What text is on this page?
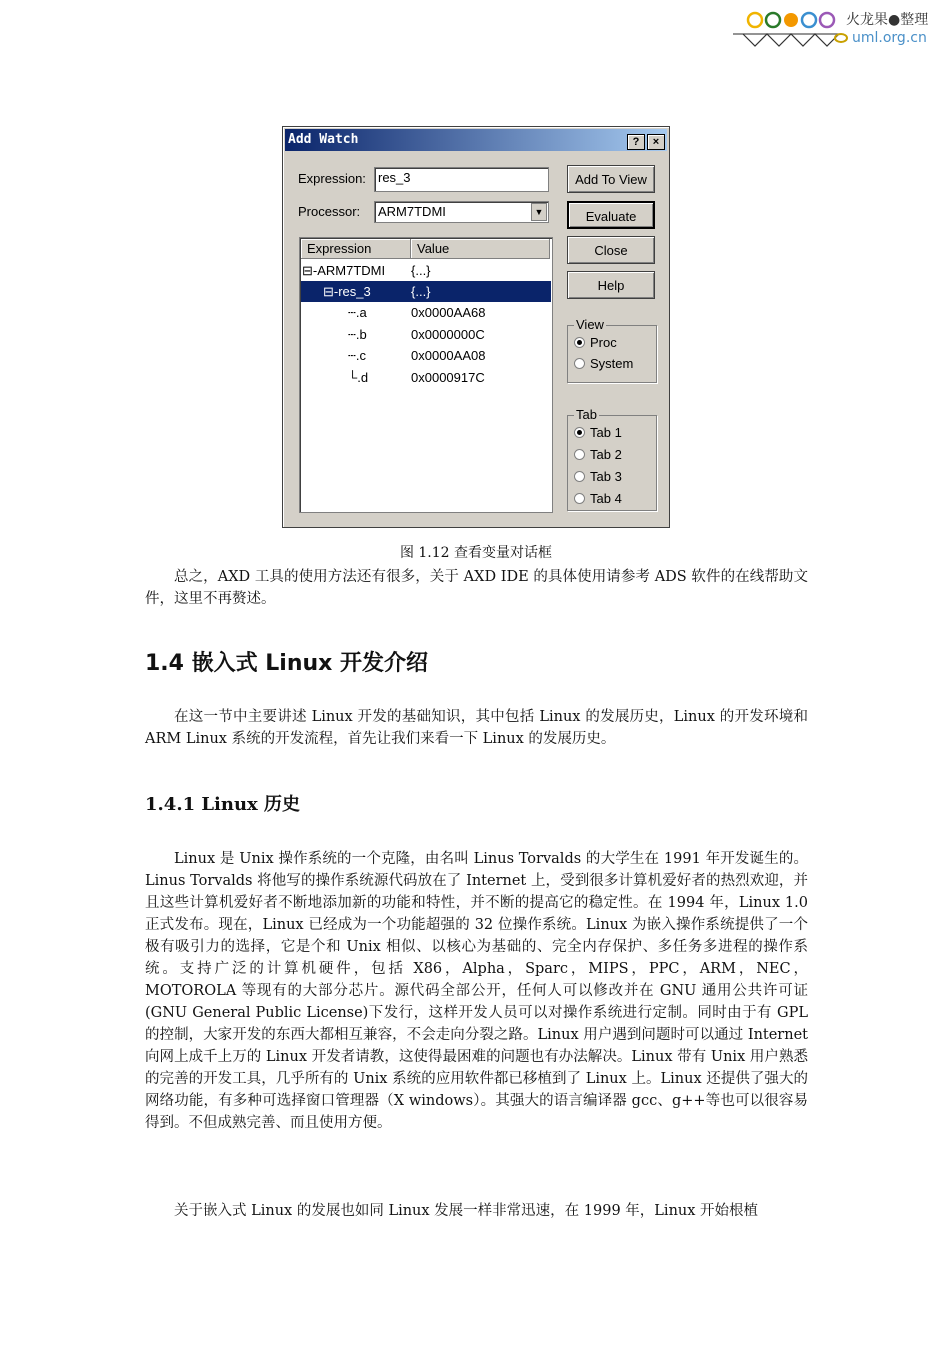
火龙果●整理
uml.org.cn
Add Watch	?	×
Expression: res_3
Processor:	ARM7TDMI	▼
Add To View
Evaluate
Close
Help
Expression	Value
⊟-ARM7TDMI {...}
⊟-res_3	{...}
┄.a	0x0000AA68
┄.b	0x0000000C
┄.c	0x0000AA08
└.d	0x0000917C
View
Proc
System
Tab
Tab 1
Tab 2
Tab 3
Tab 4
图 1.12 查看变量对话框
总之，AXD 工具的使用方法还有很多，关于 AXD IDE 的具体使用请参考 ADS 软件的在线帮助文件，这里不再赘述。
1.4 嵌入式 Linux 开发介绍
在这一节中主要讲述 Linux 开发的基础知识，其中包括 Linux 的发展历史，Linux 的开发环境和 ARM Linux 系统的开发流程，首先让我们来看一下 Linux 的发展历史。
1.4.1 Linux 历史
Linux 是 Unix 操作系统的一个克隆，由名叫 Linus Torvalds 的大学生在 1991 年开发诞生的。Linus Torvalds 将他写的操作系统源代码放在了 Internet 上，受到很多计算机爱好者的热烈欢迎，并且这些计算机爱好者不断地添加新的功能和特性，并不断的提高它的稳定性。在 1994 年，Linux 1.0 正式发布。现在，Linux 已经成为一个功能超强的 32 位操作系统。Linux 为嵌入操作系统提供了一个极有吸引力的选择，它是个和 Unix 相似、以核心为基础的、完全内存保护、多任务多进程的操作系统。支持广泛的计算机硬件，包括 X86，Alpha，Sparc，MIPS，PPC，ARM，NEC，MOTOROLA 等现有的大部分芯片。源代码全部公开，任何人可以修改并在 GNU 通用公共许可证(GNU General Public License)下发行，这样开发人员可以对操作系统进行定制。同时由于有 GPL 的控制，大家开发的东西大都相互兼容，不会走向分裂之路。Linux 用户遇到问题时可以通过 Internet 向网上成千上万的 Linux 开发者请教，这使得最困难的问题也有办法解决。Linux 带有 Unix 用户熟悉的完善的开发工具，几乎所有的 Unix 系统的应用软件都已移植到了 Linux 上。Linux 还提供了强大的网络功能，有多种可选择窗口管理器（X windows）。其强大的语言编译器 gcc、g++等也可以很容易得到。不但成熟完善、而且使用方便。
关于嵌入式 Linux 的发展也如同 Linux 发展一样非常迅速，在 1999 年，Linux 开始根植
